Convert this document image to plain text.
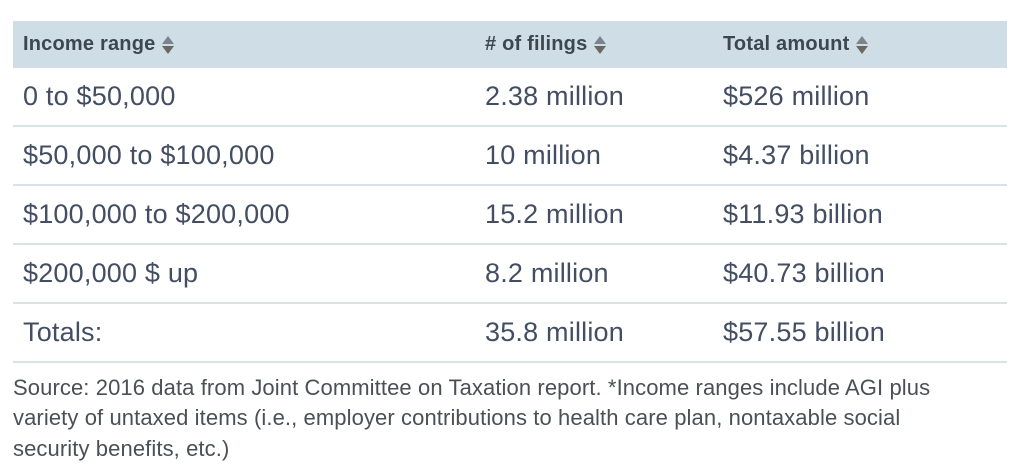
Income range	# of filings	Total amount
0 to $50,000	2.38 million	$526 million
$50,000 to $100,000	10 million	$4.37 billion
$100,000 to $200,000	15.2 million	$11.93 billion
$200,000 $ up	8.2 million	$40.73 billion
Totals:	35.8 million	$57.55 billion

Source: 2016 data from Joint Committee on Taxation report. *Income ranges include AGI plus variety of untaxed items (i.e., employer contributions to health care plan, nontaxable social security benefits, etc.)
